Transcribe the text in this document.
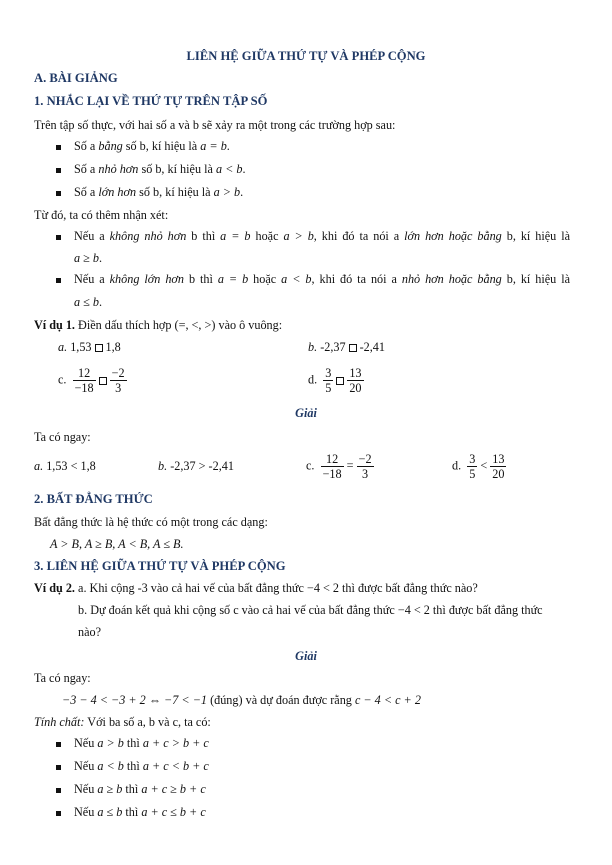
LIÊN HỆ GIỮA THỨ TỰ VÀ PHÉP CỘNG
A. BÀI GIẢNG
1. NHẮC LẠI VỀ THỨ TỰ TRÊN TẬP SỐ
Trên tập số thực, với hai số a và b sẽ xảy ra một trong các trường hợp sau:
Số a bằng số b, kí hiệu là a = b.
Số a nhỏ hơn số b, kí hiệu là a < b.
Số a lớn hơn số b, kí hiệu là a > b.
Từ đó, ta có thêm nhận xét:
Nếu a không nhỏ hơn b thì a = b hoặc a > b, khi đó ta nói a lớn hơn hoặc bằng b, kí hiệu là
a ≥ b.
Nếu a không lớn hơn b thì a = b hoặc a < b, khi đó ta nói a nhỏ hơn hoặc bằng b, kí hiệu là
a ≤ b.
Ví dụ 1. Điền dấu thích hợp (=, <, >) vào ô vuông:
a. 1,53 1,8	b. -2,37 -2,41
c. $\frac{12}{-18} \frac{-2}{3}$	d. $\frac{3}{5} \frac{13}{20}$
Giải
Ta có ngay:
a. 1,53 < 1,8	b. -2,37 > -2,41	c. $\frac{12}{-18} = \frac{-2}{3}$	d. $\frac{3}{5} < \frac{13}{20}$
2. BẤT ĐẲNG THỨC
Bất đẳng thức là hệ thức có một trong các dạng:
A > B, A ≥ B, A < B, A ≤ B.
3. LIÊN HỆ GIỮA THỨ TỰ VÀ PHÉP CỘNG
Ví dụ 2. a. Khi cộng -3 vào cả hai vế của bất đẳng thức −4 < 2 thì được bất đẳng thức nào?
b. Dự đoán kết quả khi cộng số c vào cả hai vế của bất đẳng thức −4 < 2 thì được bất đẳng thức
nào?
Giải
Ta có ngay:
−3 − 4 < −3 + 2 ⇔ −7 < −1 (đúng) và dự đoán được rằng c − 4 < c + 2
Tính chất: Với ba số a, b và c, ta có:
Nếu a > b thì a + c > b + c
Nếu a < b thì a + c < b + c
Nếu a ≥ b thì a + c ≥ b + c
Nếu a ≤ b thì a + c ≤ b + c
